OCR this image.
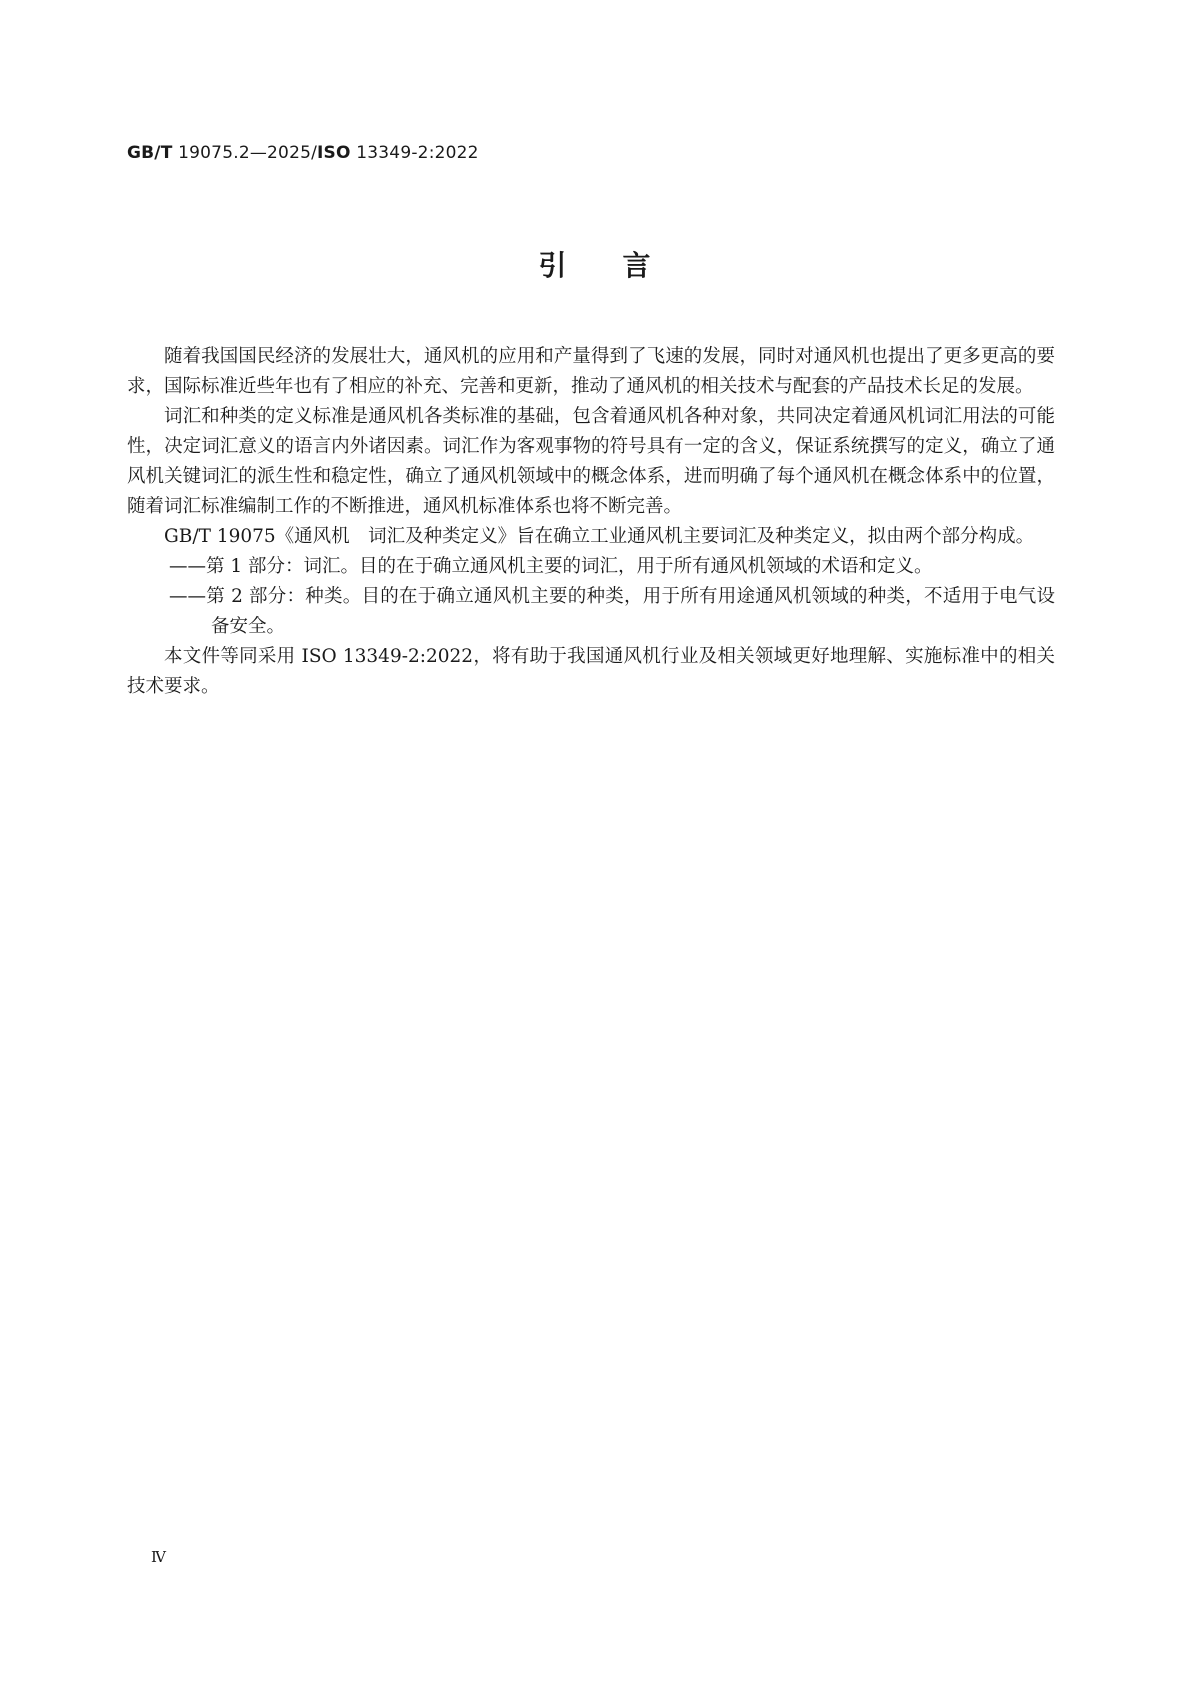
GB/T 19075.2—2025/ISO 13349-2:2022
引 言

随着我国国民经济的发展壮大，通风机的应用和产量得到了飞速的发展，同时对通风机也提出了更多更高的要求，国际标准近些年也有了相应的补充、完善和更新，推动了通风机的相关技术与配套的产品技术长足的发展。

词汇和种类的定义标准是通风机各类标准的基础，包含着通风机各种对象，共同决定着通风机词汇用法的可能性，决定词汇意义的语言内外诸因素。词汇作为客观事物的符号具有一定的含义，保证系统撰写的定义，确立了通风机关键词汇的派生性和稳定性，确立了通风机领域中的概念体系，进而明确了每个通风机在概念体系中的位置，随着词汇标准编制工作的不断推进，通风机标准体系也将不断完善。

GB/T 19075《通风机　词汇及种类定义》旨在确立工业通风机主要词汇及种类定义，拟由两个部分构成。

——第 1 部分：词汇。目的在于确立通风机主要的词汇，用于所有通风机领域的术语和定义。

——第 2 部分：种类。目的在于确立通风机主要的种类，用于所有用途通风机领域的种类，不适用于电气设备安全。

本文件等同采用 ISO 13349-2:2022，将有助于我国通风机行业及相关领域更好地理解、实施标准中的相关技术要求。

Ⅳ
